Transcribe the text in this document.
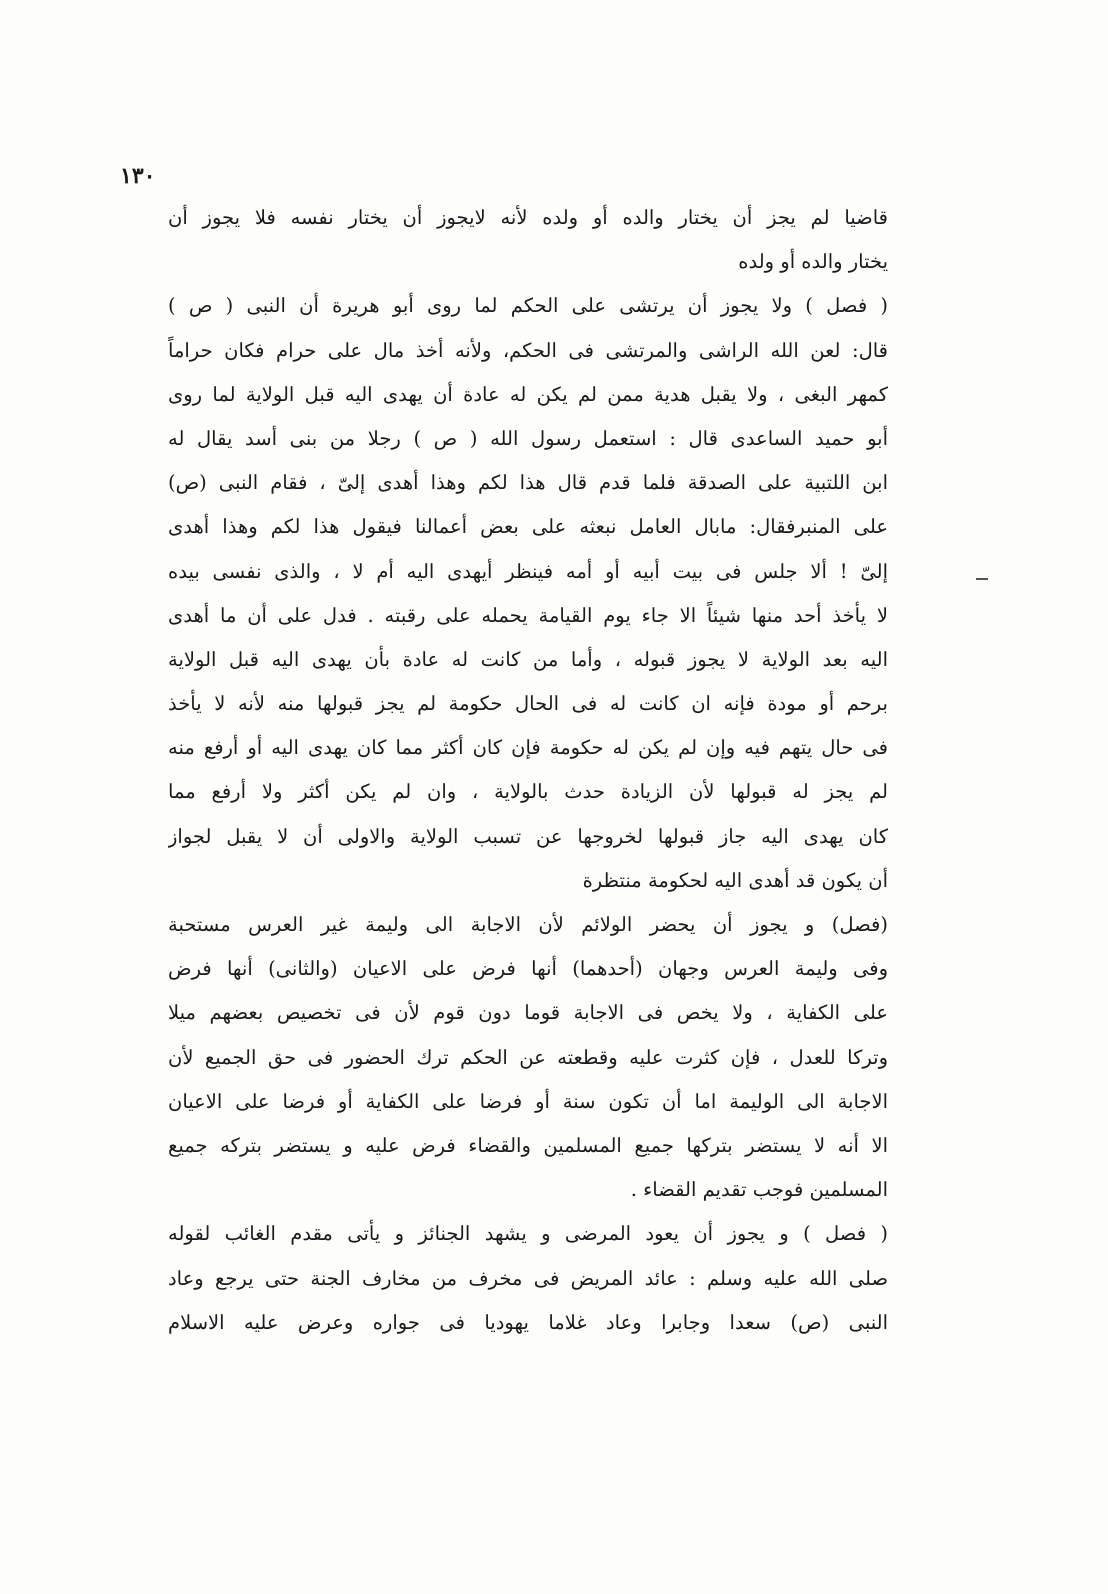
١٣٠
قاضيا لم يجز أن يختار والده أو ولده لأنه لايجوز أن يختار نفسه فلا يجوز أن
يختار والده أو ولده
( فصل ) ولا يجوز أن يرتشى على الحكم لما روى أبو هريرة أن النبى ( ص )
قال: لعن الله الراشى والمرتشى فى الحكم، ولأنه أخذ مال على حرام فكان حراماً
كمهر البغى ، ولا يقبل هدية ممن لم يكن له عادة أن يهدى اليه قبل الولاية لما روى
أبو حميد الساعدى قال : استعمل رسول الله ( ص ) رجلا من بنى أسد يقال له
ابن اللتبية على الصدقة فلما قدم قال هذا لكم وهذا أهدى إلىّ ، فقام النبى (ص)
على المنبرفقال: مابال العامل نبعثه على بعض أعمالنا فيقول هذا لكم وهذا أهدى
إلىّ ! ألا جلس فى بيت أبيه أو أمه فينظر أيهدى اليه أم لا ، والذى نفسى بيده
لا يأخذ أحد منها شيئاً الا جاء يوم القيامة يحمله على رقبته . فدل على أن ما أهدى
اليه بعد الولاية لا يجوز قبوله ، وأما من كانت له عادة بأن يهدى اليه قبل الولاية
برحم أو مودة فإنه ان كانت له فى الحال حكومة لم يجز قبولها منه لأنه لا يأخذ
فى حال يتهم فيه وإن لم يكن له حكومة فإن كان أكثر مما كان يهدى اليه أو أرفع منه
لم يجز له قبولها لأن الزيادة حدث بالولاية ، وان لم يكن أكثر ولا أرفع مما
كان يهدى اليه جاز قبولها لخروجها عن تسبب الولاية والاولى أن لا يقبل لجواز
أن يكون قد أهدى اليه لحكومة منتظرة
(فصل) و يجوز أن يحضر الولائم لأن الاجابة الى وليمة غير العرس مستحبة
وفى وليمة العرس وجهان (أحدهما) أنها فرض على الاعيان (والثانى) أنها فرض
على الكفاية ، ولا يخص فى الاجابة قوما دون قوم لأن فى تخصيص بعضهم ميلا
وتركا للعدل ، فإن كثرت عليه وقطعته عن الحكم ترك الحضور فى حق الجميع لأن
الاجابة الى الوليمة اما أن تكون سنة أو فرضا على الكفاية أو فرضا على الاعيان
الا أنه لا يستضر بتركها جميع المسلمين والقضاء فرض عليه و يستضر بتركه جميع
المسلمين فوجب تقديم القضاء .
( فصل ) و يجوز أن يعود المرضى و يشهد الجنائز و يأتى مقدم الغائب لقوله
صلى الله عليه وسلم : عائد المريض فى مخرف من مخارف الجنة حتى يرجع وعاد
النبى (ص) سعدا وجابرا وعاد غلاما يهوديا فى جواره وعرض عليه الاسلام
